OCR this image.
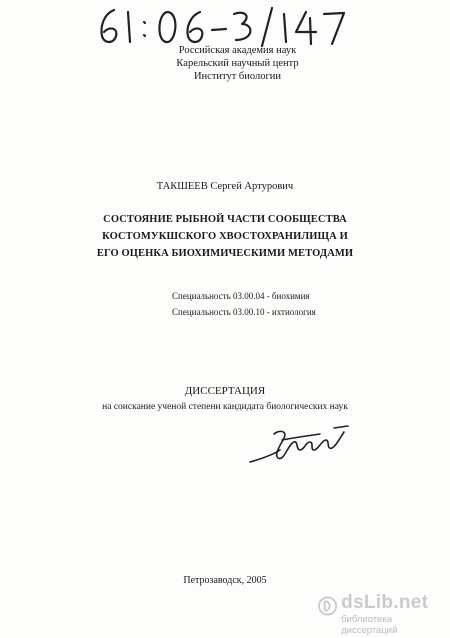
Российская академия наук
Карельский научный центр
Институт биологии
ТАКШЕЕВ Сергей Артурович
СОСТОЯНИЕ РЫБНОЙ ЧАСТИ СООБЩЕСТВА
КОСТОМУКШСКОГО ХВОСТОХРАНИЛИЩА И
ЕГО ОЦЕНКА БИОХИМИЧЕСКИМИ МЕТОДАМИ
Специальность 03.00.04 - биохимия
Специальность 03.00.10 - ихтиология
ДИССЕРТАЦИЯ
на соискание ученой степени кандидата биологических наук
Петрозаводск, 2005
dsLib.net
библиотека диссертаций
